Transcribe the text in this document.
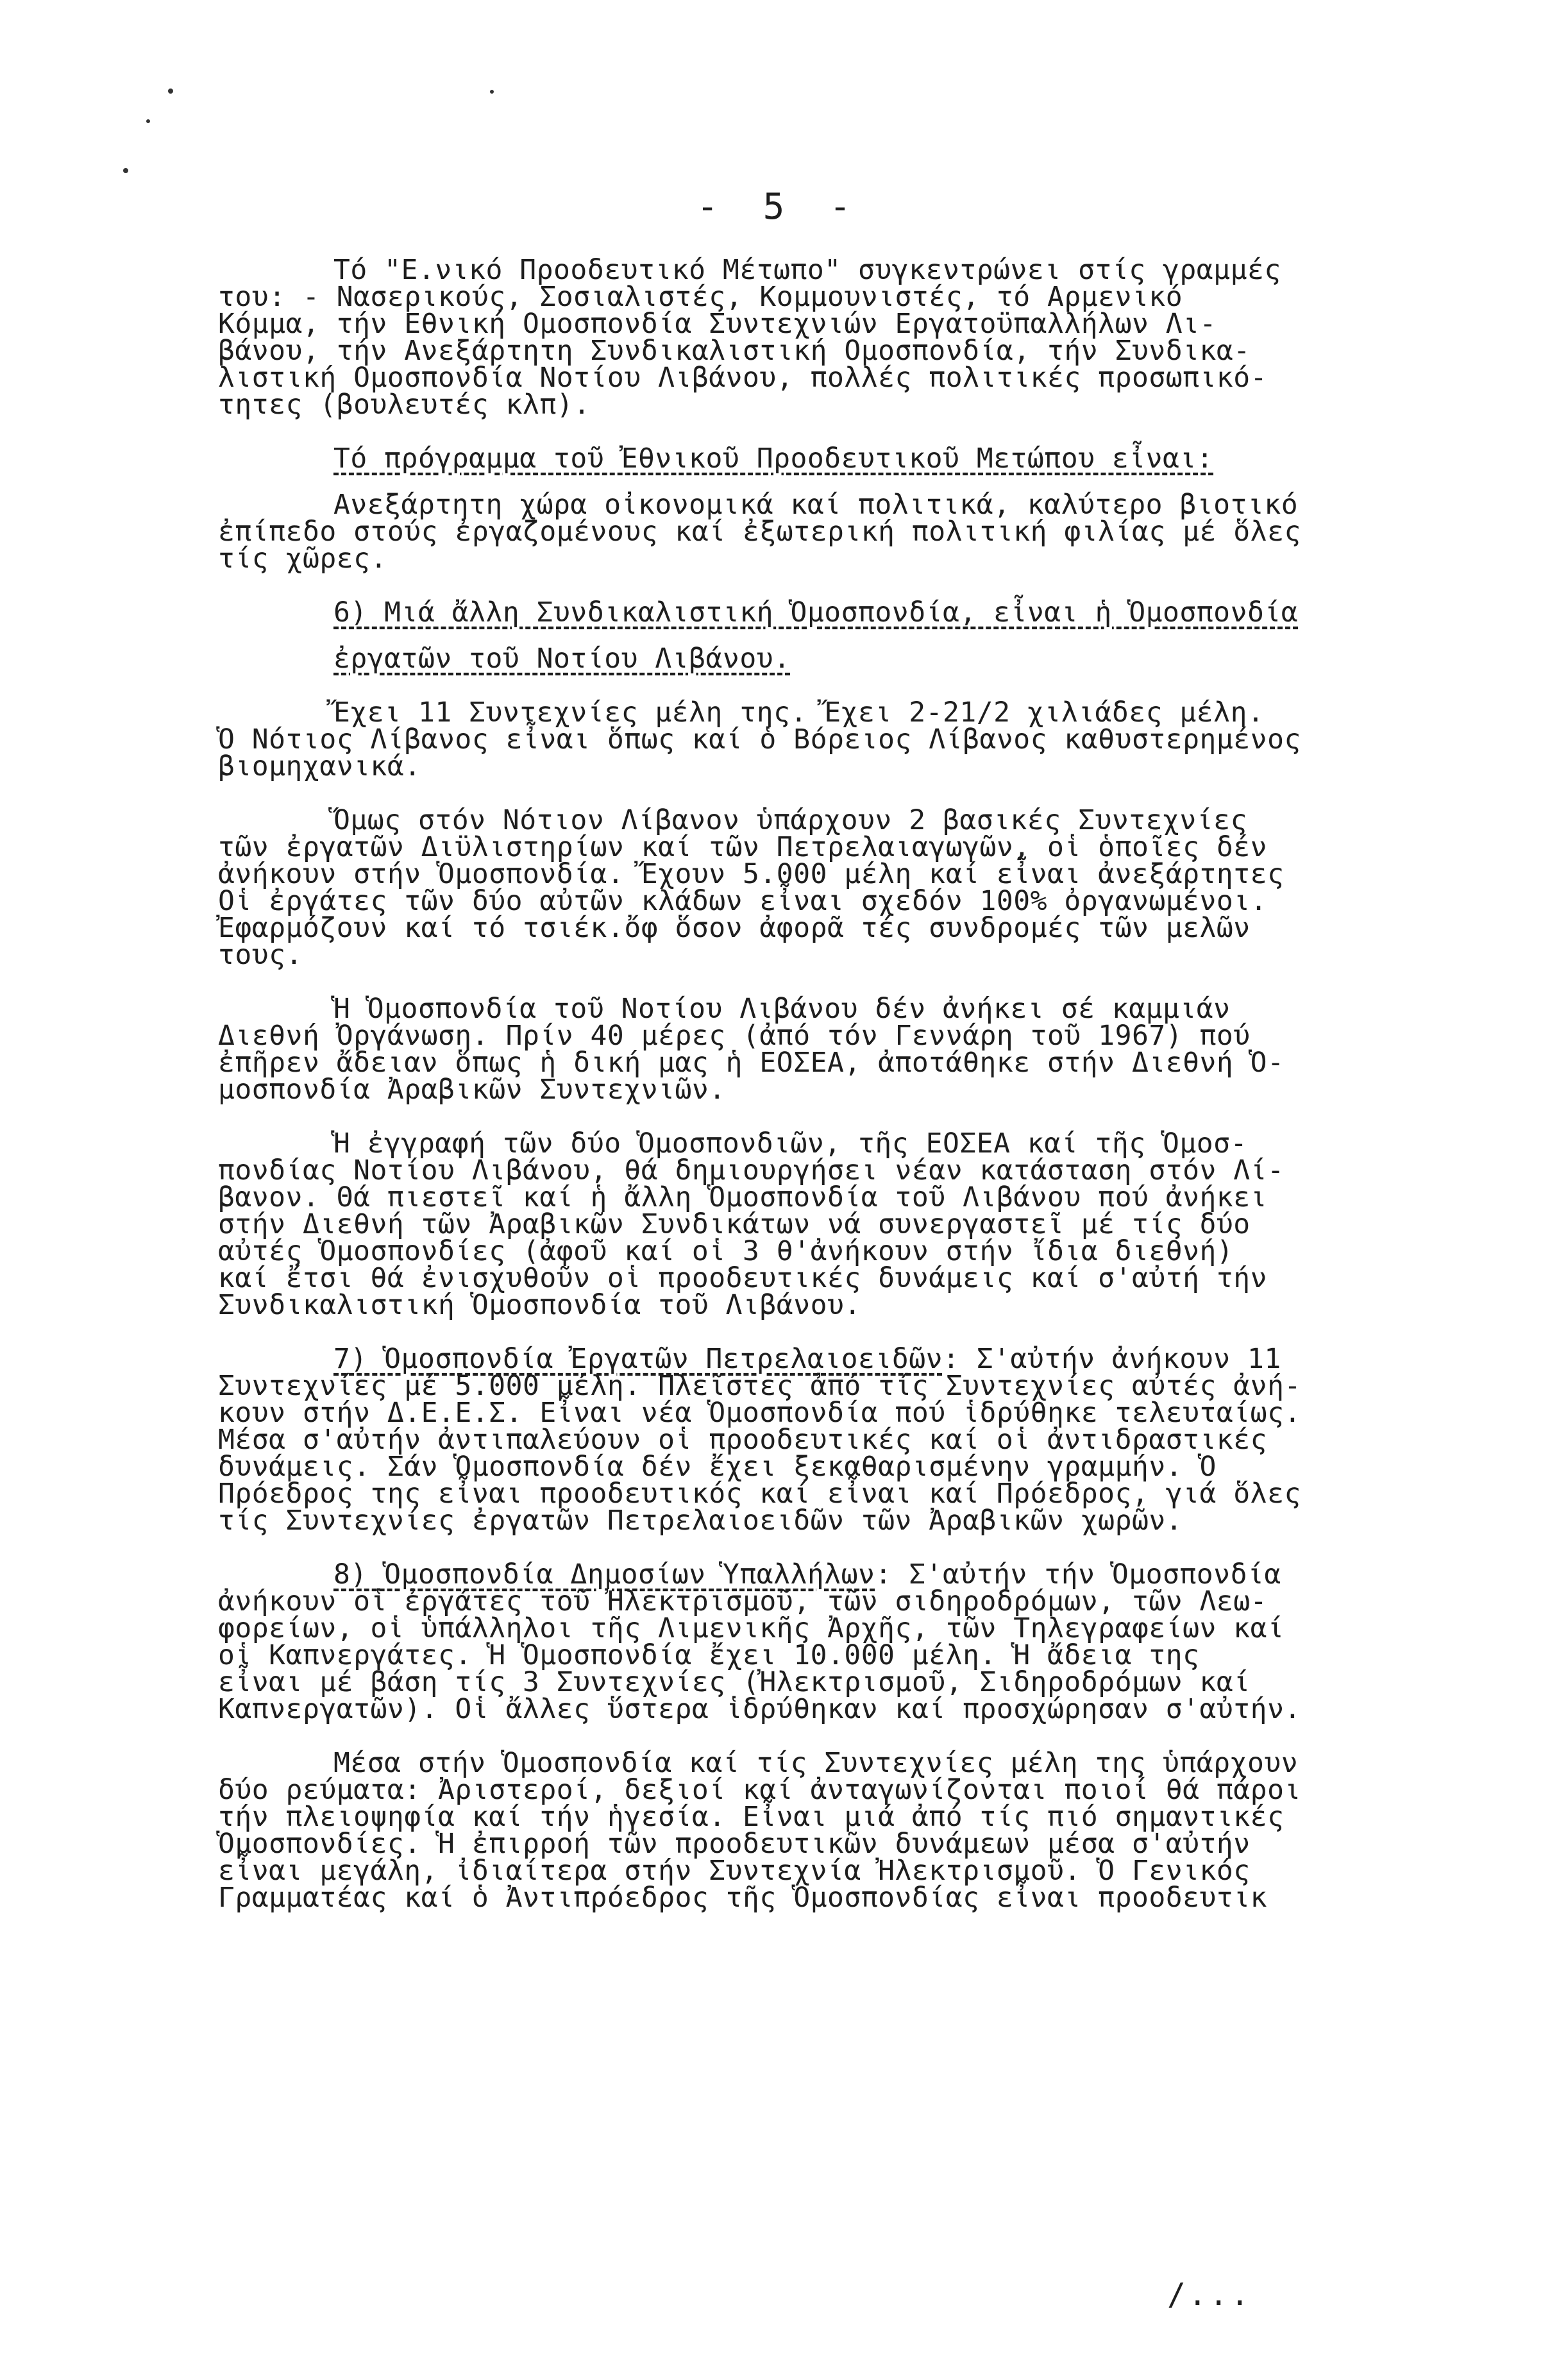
- 5 -
Τό "Ε.νικό Προοδευτικό Μέτωπο" συγκεντρώνει στίς γραμμές
του: - Νασερικούς, Σοσιαλιστές, Κομμουνιστές, τό Αρμενικό
Κόμμα, τήν Εθνική Ομοσπονδία Συντεχνιών Εργατοϋπαλλήλων Λι-
βάνου, τήν Ανεξάρτητη Συνδικαλιστική Ομοσπονδία, τήν Συνδικα-
λιστική Ομοσπονδία Νοτίου Λιβάνου, πολλές πολιτικές προσωπικό-
τητες (βουλευτές κλπ).
Τό πρόγραμμα τοῦ Ἐθνικοῦ Προοδευτικοῦ Μετώπου εἶναι:
Ανεξάρτητη χώρα οἰκονομικά καί πολιτικά, καλύτερο βιοτικό
ἐπίπεδο στούς ἐργαζομένους καί ἐξωτερική πολιτική φιλίας μέ ὅλες
τίς χῶρες.
6) Μιά ἄλλη Συνδικαλιστική Ὁμοσπονδία, εἶναι ἡ Ὁμοσπονδία
ἐργατῶν τοῦ Νοτίου Λιβάνου.
Ἔχει 11 Συντεχνίες μέλη της. Ἔχει 2-21/2 χιλιάδες μέλη.
Ὁ Νότιος Λίβανος εἶναι ὅπως καί ὁ Βόρειος Λίβανος καθυστερημένος
βιομηχανικά.
Ὅμως στόν Νότιον Λίβανον ὑπάρχουν 2 βασικές Συντεχνίες
τῶν ἐργατῶν Διϋλιστηρίων καί τῶν Πετρελαιαγωγῶν, οἱ ὁποῖες δέν
ἀνήκουν στήν Ὁμοσπονδία. Ἔχουν 5.000 μέλη καί εἶναι ἀνεξάρτητες
Οἱ ἐργάτες τῶν δύο αὐτῶν κλάδων εἶναι σχεδόν 100% ὀργανωμένοι.
Ἐφαρμόζουν καί τό τσιέκ.ὄφ ὅσον ἀφορᾶ τές συνδρομές τῶν μελῶν
τους.
Ἡ Ὁμοσπονδία τοῦ Νοτίου Λιβάνου δέν ἀνήκει σέ καμμιάν
Διεθνή Ὀργάνωση. Πρίν 40 μέρες (ἀπό τόν Γεννάρη τοῦ 1967) πού
ἐπῆρεν ἄδειαν ὅπως ἡ δική μας ἡ ΕΟΣΕΑ, ἀποτάθηκε στήν Διεθνή Ὁ-
μοσπονδία Ἀραβικῶν Συντεχνιῶν.
Ἡ ἐγγραφή τῶν δύο Ὁμοσπονδιῶν, τῆς ΕΟΣΕΑ καί τῆς Ὁμοσ-
πονδίας Νοτίου Λιβάνου, θά δημιουργήσει νέαν κατάσταση στόν Λί-
βανον. Θά πιεστεῖ καί ἡ ἄλλη Ὁμοσπονδία τοῦ Λιβάνου πού ἀνήκει
στήν Διεθνή τῶν Ἀραβικῶν Συνδικάτων νά συνεργαστεῖ μέ τίς δύο
αὐτές Ὁμοσπονδίες (ἀφοῦ καί οἱ 3 θ'ἀνήκουν στήν ἴδια διεθνή)
καί ἔτσι θά ἐνισχυθοῦν οἱ προοδευτικές δυνάμεις καί σ'αὐτή τήν
Συνδικαλιστική Ὁμοσπονδία τοῦ Λιβάνου.
7) Ὁμοσπονδία Ἐργατῶν Πετρελαιοειδῶν: Σ'αὐτήν ἀνήκουν 11
Συντεχνίες μέ 5.000 μέλη. Πλεῖστες ἀπό τίς Συντεχνίες αὐτές ἀνή-
κουν στήν Δ.Ε.Ε.Σ. Εἶναι νέα Ὁμοσπονδία πού ἱδρύθηκε τελευταίως.
Μέσα σ'αὐτήν ἀντιπαλεύουν οἱ προοδευτικές καί οἱ ἀντιδραστικές
δυνάμεις. Σάν Ὁμοσπονδία δέν ἔχει ξεκαθαρισμένην γραμμήν. Ὁ
Πρόεδρος της εἶναι προοδευτικός καί εἶναι καί Πρόεδρος, γιά ὅλες
τίς Συντεχνίες ἐργατῶν Πετρελαιοειδῶν τῶν Ἀραβικῶν χωρῶν.
8) Ὁμοσπονδία Δημοσίων Ὑπαλλήλων: Σ'αὐτήν τήν Ὁμοσπονδία
ἀνήκουν οἱ ἐργάτες τοῦ Ἠλεκτρισμοῦ, τῶν σιδηροδρόμων, τῶν Λεω-
φορείων, οἱ ὑπάλληλοι τῆς Λιμενικῆς Ἀρχῆς, τῶν Τηλεγραφείων καί
οἱ Καπνεργάτες. Ἡ Ὁμοσπονδία ἔχει 10.000 μέλη. Ἡ ἄδεια της
εἶναι μέ βάση τίς 3 Συντεχνίες (Ἠλεκτρισμοῦ, Σιδηροδρόμων καί
Καπνεργατῶν). Οἱ ἄλλες ὕστερα ἱδρύθηκαν καί προσχώρησαν σ'αὐτήν.
Μέσα στήν Ὁμοσπονδία καί τίς Συντεχνίες μέλη της ὑπάρχουν
δύο ρεύματα: Ἀριστεροί, δεξιοί καί ἀνταγωνίζονται ποιοί θά πάροι
τήν πλειοψηφία καί τήν ἡγεσία. Εἶναι μιά ἀπό τίς πιό σημαντικές
Ὁμοσπονδίες. Ἡ ἐπιρροή τῶν προοδευτικῶν δυνάμεων μέσα σ'αὐτήν
εἶναι μεγάλη, ἰδιαίτερα στήν Συντεχνία Ἠλεκτρισμοῦ. Ὁ Γενικός
Γραμματέας καί ὁ Ἀντιπρόεδρος τῆς Ὁμοσπονδίας εἶναι προοδευτικ
/...
